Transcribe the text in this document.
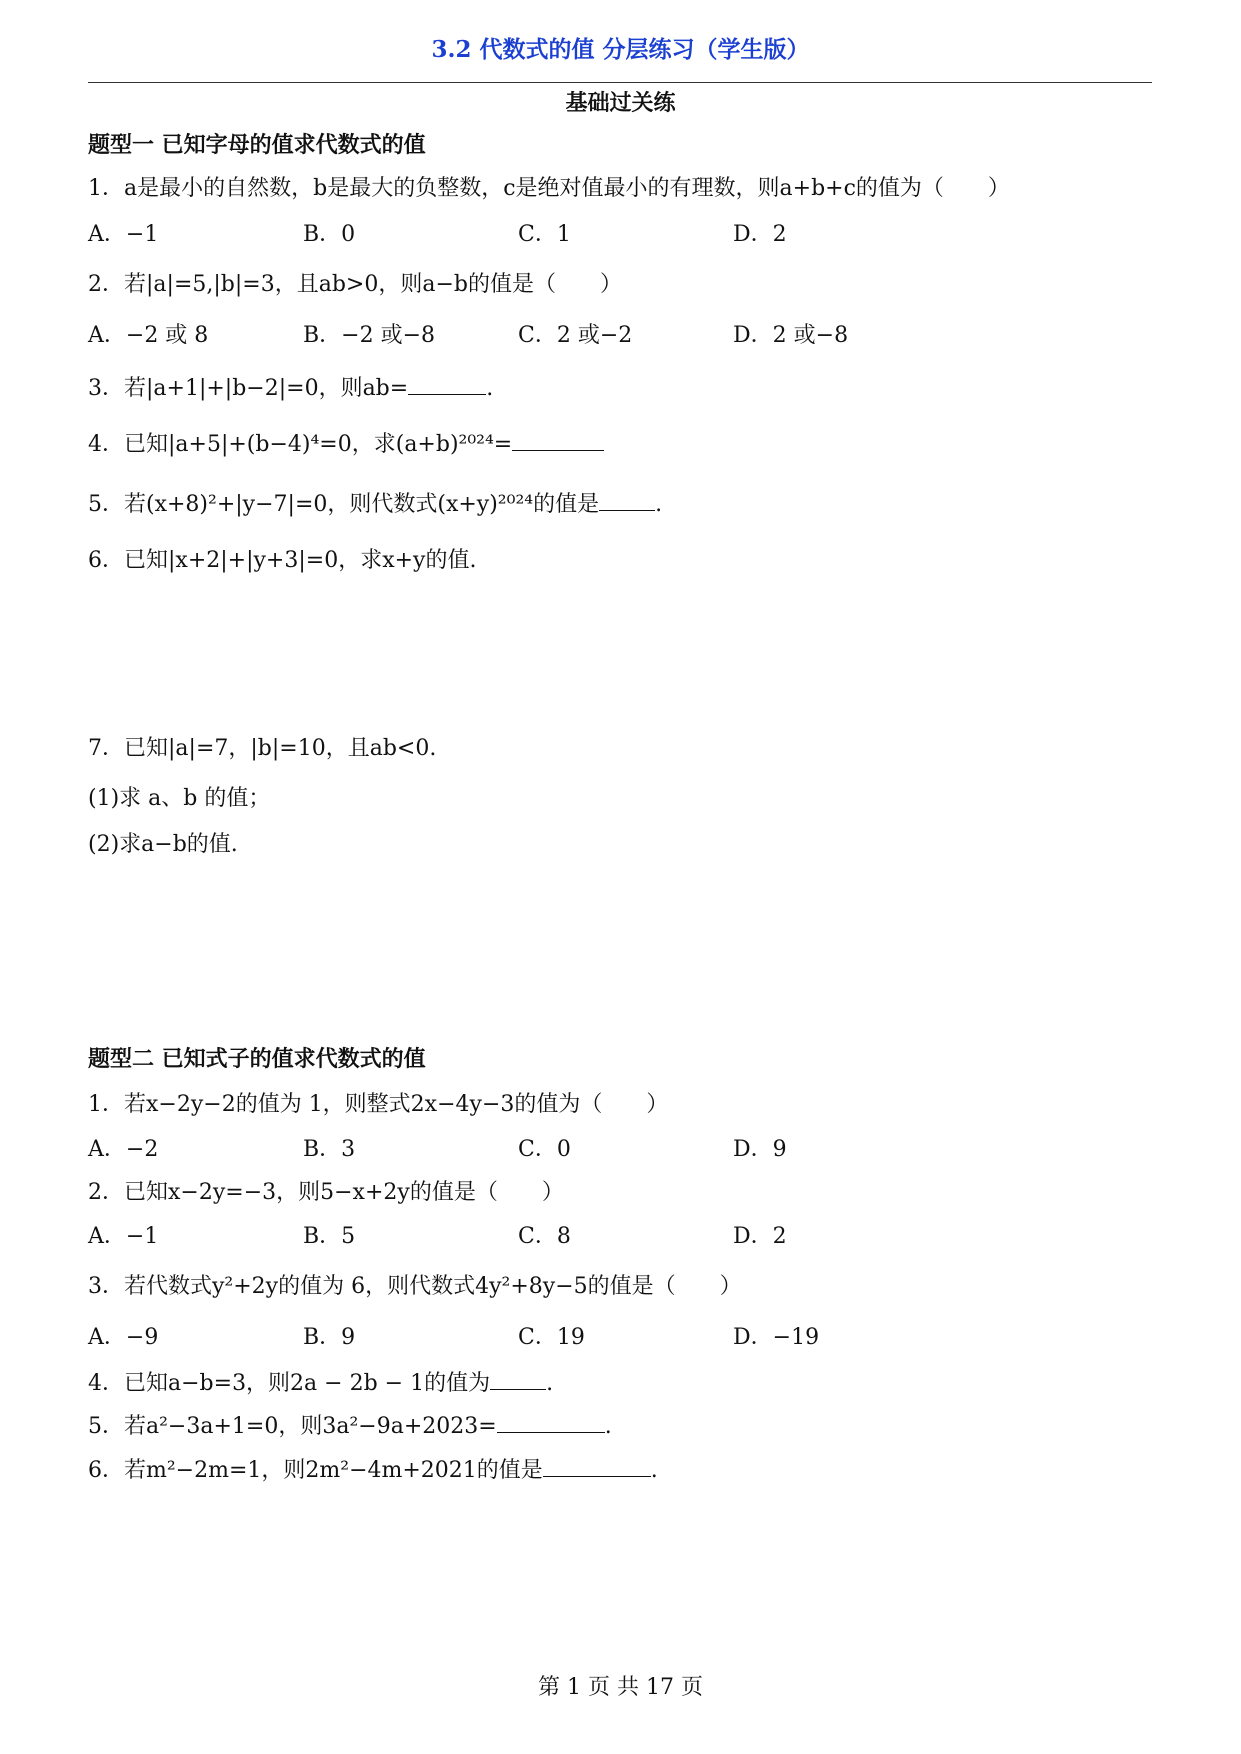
3.2 代数式的值 分层练习（学生版）
基础过关练
题型一 已知字母的值求代数式的值
1．a是最小的自然数，b是最大的负整数，c是绝对值最小的有理数，则a+b+c的值为（　　）
A．−1	B．0	C．1	D．2
2．若|a|=5,|b|=3，且ab>0，则a−b的值是（　　）
A．−2 或 8	B．−2 或−8	C．2 或−2	D．2 或−8
3．若|a+1|+|b−2|=0，则ab=	.
4．已知|a+5|+(b−4)⁴=0，求(a+b)²⁰²⁴=
5．若(x+8)²+|y−7|=0，则代数式(x+y)²⁰²⁴的值是	.
6．已知|x+2|+|y+3|=0，求x+y的值.
7．已知|a|=7，|b|=10，且ab<0.
(1)求 a、b 的值；
(2)求a−b的值.
题型二 已知式子的值求代数式的值
1．若x−2y−2的值为 1，则整式2x−4y−3的值为（　　）
A．−2	B．3	C．0	D．9
2．已知x−2y=−3，则5−x+2y的值是（　　）
A．−1	B．5	C．8	D．2
3．若代数式y²+2y的值为 6，则代数式4y²+8y−5的值是（　　）
A．−9	B．9	C．19	D．−19
4．已知a−b=3，则2a − 2b − 1的值为	.
5．若a²−3a+1=0，则3a²−9a+2023=	.
6．若m²−2m=1，则2m²−4m+2021的值是	.
第 1 页 共 17 页
